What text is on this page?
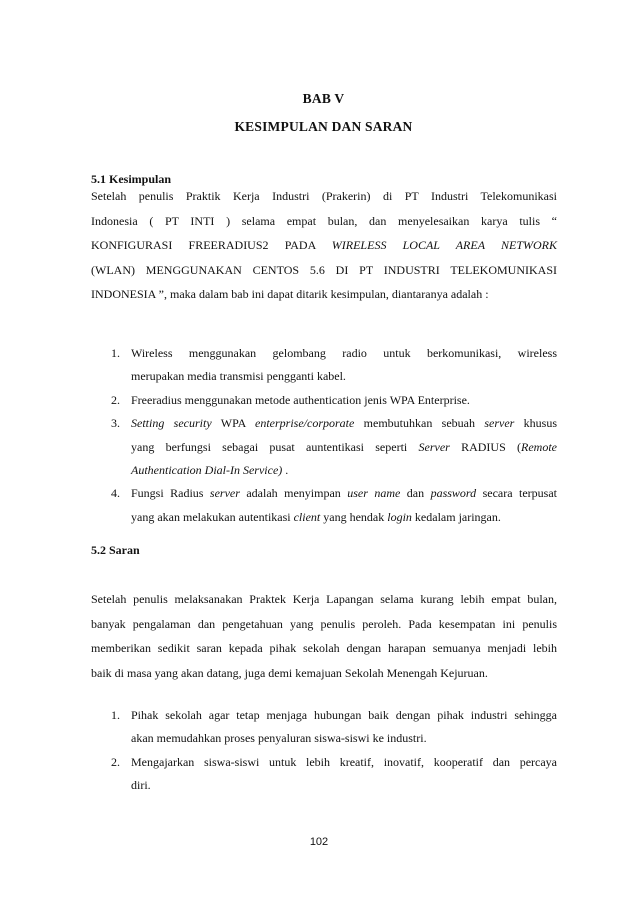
BAB V
KESIMPULAN DAN SARAN
5.1 Kesimpulan

Setelah penulis Praktik Kerja Industri (Prakerin) di PT Industri Telekomunikasi
Indonesia ( PT INTI ) selama empat bulan, dan menyelesaikan karya tulis “
KONFIGURASI FREERADIUS2 PADA WIRELESS LOCAL AREA NETWORK
(WLAN) MENGGUNAKAN CENTOS 5.6 DI PT INDUSTRI TELEKOMUNIKASI
INDONESIA ”, maka dalam bab ini dapat ditarik kesimpulan, diantaranya adalah :

1. Wireless menggunakan gelombang radio untuk berkomunikasi, wireless
merupakan media transmisi pengganti kabel.
2. Freeradius menggunakan metode authentication jenis WPA Enterprise.
3. Setting security WPA enterprise/corporate membutuhkan sebuah server khusus
yang berfungsi sebagai pusat auntentikasi seperti Server RADIUS (Remote
Authentication Dial-In Service) .
4. Fungsi Radius server adalah menyimpan user name dan password secara terpusat
yang akan melakukan autentikasi client yang hendak login kedalam jaringan.
5.2 Saran

Setelah penulis melaksanakan Praktek Kerja Lapangan selama kurang lebih empat bulan,
banyak pengalaman dan pengetahuan yang penulis peroleh. Pada kesempatan ini penulis
memberikan sedikit saran kepada pihak sekolah dengan harapan semuanya menjadi lebih
baik di masa yang akan datang, juga demi kemajuan Sekolah Menengah Kejuruan.

1. Pihak sekolah agar tetap menjaga hubungan baik dengan pihak industri sehingga
akan memudahkan proses penyaluran siswa-siswi ke industri.
2. Mengajarkan siswa-siswi untuk lebih kreatif, inovatif, kooperatif dan percaya
diri.
102
